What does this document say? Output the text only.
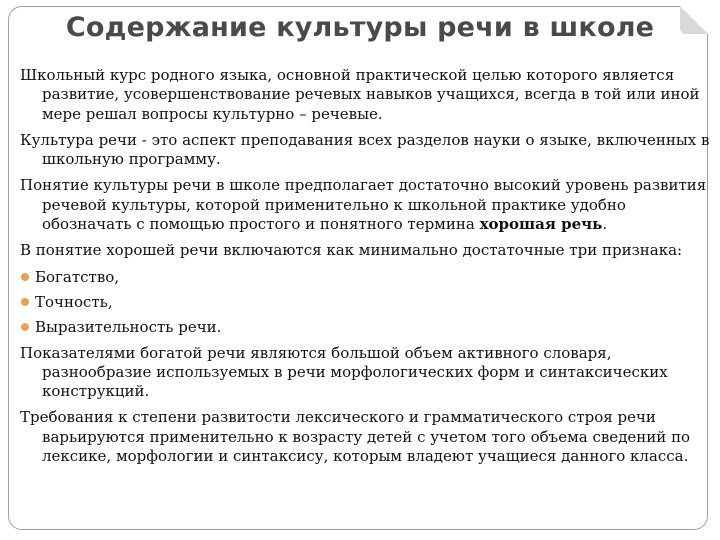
Содержание культуры речи в школе

Школьный курс родного языка, основной практической целью которого является развитие, усовершенствование речевых навыков учащихся, всегда в той или иной мере решал вопросы культурно – речевые.

Культура речи - это аспект преподавания всех разделов науки о языке, включенных в школьную программу.

Понятие культуры речи в школе предполагает достаточно высокий уровень развития речевой культуры, которой применительно к школьной практике удобно обозначать с помощью простого и понятного термина хорошая речь.

В понятие хорошей речи включаются как минимально достаточные три признака:

Богатство,
Точность,
Выразительность речи.

Показателями богатой речи являются большой объем активного словаря, разнообразие используемых в речи морфологических форм и синтаксических конструкций.

Требования к степени развитости лексического и грамматического строя речи варьируются применительно к возрасту детей с учетом того объема сведений по лексике, морфологии и синтаксису, которым владеют учащиеся данного класса.
